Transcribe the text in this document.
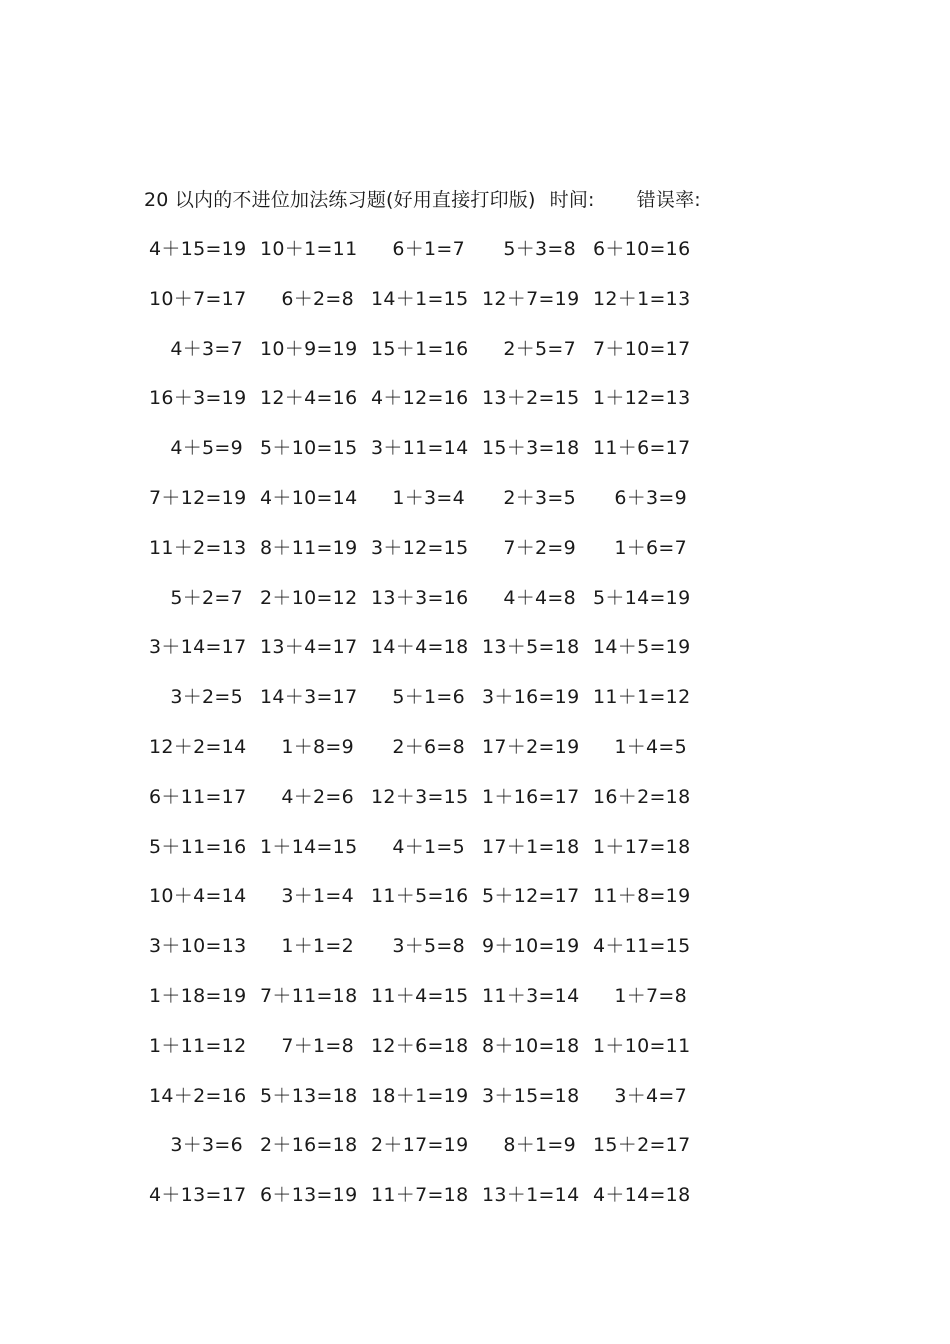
20 以内的不进位加法练习题(好用直接打印版) 时间: 错误率:
4＋15=19 10＋1=11	6＋1=7	5＋3=8 6＋10=16
10＋7=17	6＋2=8 14＋1=15 12＋7=19 12＋1=13
4＋3=7 10＋9=19 15＋1=16	2＋5=7 7＋10=17
16＋3=19 12＋4=16 4＋12=16 13＋2=15 1＋12=13
4＋5=9 5＋10=15 3＋11=14 15＋3=18 11＋6=17
7＋12=19 4＋10=14	1＋3=4	2＋3=5	6＋3=9
11＋2=13 8＋11=19 3＋12=15	7＋2=9	1＋6=7
5＋2=7 2＋10=12 13＋3=16	4＋4=8 5＋14=19
3＋14=17 13＋4=17 14＋4=18 13＋5=18 14＋5=19
3＋2=5 14＋3=17	5＋1=6 3＋16=19 11＋1=12
12＋2=14	1＋8=9	2＋6=8 17＋2=19	1＋4=5
6＋11=17	4＋2=6 12＋3=15 1＋16=17 16＋2=18
5＋11=16 1＋14=15	4＋1=5 17＋1=18 1＋17=18
10＋4=14	3＋1=4 11＋5=16 5＋12=17 11＋8=19
3＋10=13	1＋1=2	3＋5=8 9＋10=19 4＋11=15
1＋18=19 7＋11=18 11＋4=15 11＋3=14	1＋7=8
1＋11=12	7＋1=8 12＋6=18 8＋10=18 1＋10=11
14＋2=16 5＋13=18 18＋1=19 3＋15=18	3＋4=7
3＋3=6 2＋16=18 2＋17=19	8＋1=9 15＋2=17
4＋13=17 6＋13=19 11＋7=18 13＋1=14 4＋14=18
